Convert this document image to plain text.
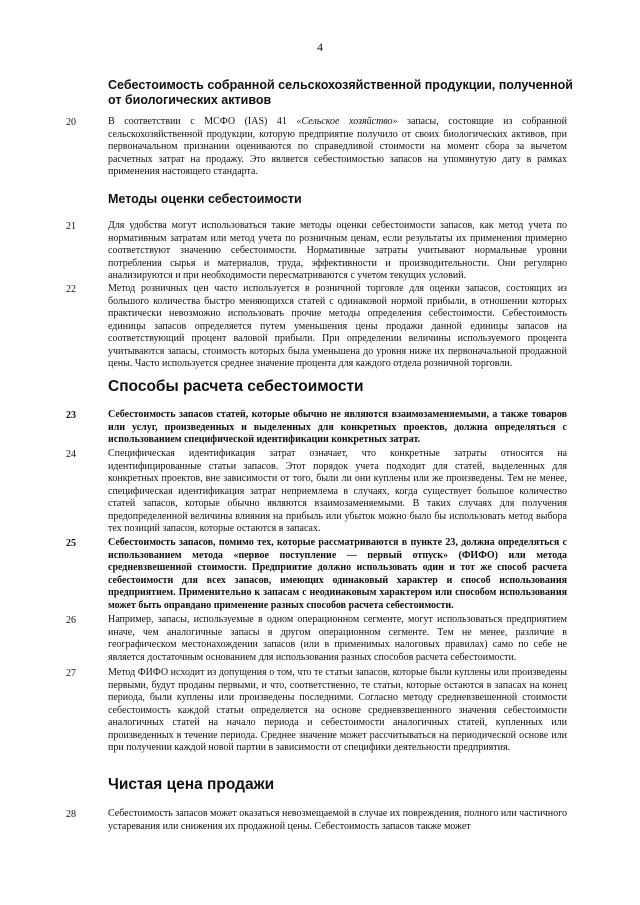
4
Себестоимость собранной сельскохозяйственной продукции, полученной от биологических активов
20	В соответствии с МСФО (IAS) 41 «Сельское хозяйство» запасы, состоящие из собранной сельскохозяйственной продукции, которую предприятие получило от своих биологических активов, при первоначальном признании оцениваются по справедливой стоимости на момент сбора за вычетом расчетных затрат на продажу. Это является себестоимостью запасов на упомянутую дату в рамках применения настоящего стандарта.
Методы оценки себестоимости
21	Для удобства могут использоваться такие методы оценки себестоимости запасов, как метод учета по нормативным затратам или метод учета по розничным ценам, если результаты их применения примерно соответствуют значению себестоимости. Нормативные затраты учитывают нормальные уровни потребления сырья и материалов, труда, эффективности и производительности. Они регулярно анализируются и при необходимости пересматриваются с учетом текущих условий.
22	Метод розничных цен часто используется в розничной торговле для оценки запасов, состоящих из большого количества быстро меняющихся статей с одинаковой нормой прибыли, в отношении которых практически невозможно использовать прочие методы определения себестоимости. Себестоимость единицы запасов определяется путем уменьшения цены продажи данной единицы запасов на соответствующий процент валовой прибыли. При определении величины используемого процента учитываются запасы, стоимость которых была уменьшена до уровня ниже их первоначальной продажной цены. Часто используется среднее значение процента для каждого отдела розничной торговли.
Способы расчета себестоимости
23	Себестоимость запасов статей, которые обычно не являются взаимозаменяемыми, а также товаров или услуг, произведенных и выделенных для конкретных проектов, должна определяться с использованием специфической идентификации конкретных затрат.
24	Специфическая идентификация затрат означает, что конкретные затраты относятся на идентифицированные статьи запасов. Этот порядок учета подходит для статей, выделенных для конкретных проектов, вне зависимости от того, были ли они куплены или же произведены. Тем не менее, специфическая идентификация затрат неприемлема в случаях, когда существует большое количество статей запасов, которые обычно являются взаимозаменяемыми. В таких случаях для получения предопределенной величины влияния на прибыль или убыток можно было бы использовать метод выбора тех позиций запасов, которые остаются в запасах.
25	Себестоимость запасов, помимо тех, которые рассматриваются в пункте 23, должна определяться с использованием метода «первое поступление — первый отпуск» (ФИФО) или метода средневзвешенной стоимости. Предприятие должно использовать один и тот же способ расчета себестоимости для всех запасов, имеющих одинаковый характер и способ использования предприятием. Применительно к запасам с неодинаковым характером или способом использования может быть оправдано применение разных способов расчета себестоимости.
26	Например, запасы, используемые в одном операционном сегменте, могут использоваться предприятием иначе, чем аналогичные запасы в другом операционном сегменте. Тем не менее, различие в географическом местонахождении запасов (или в применимых налоговых правилах) само по себе не является достаточным основанием для использования разных способов расчета себестоимости.
27	Метод ФИФО исходит из допущения о том, что те статьи запасов, которые были куплены или произведены первыми, будут проданы первыми, и что, соответственно, те статьи, которые остаются в запасах на конец периода, были куплены или произведены последними. Согласно методу средневзвешенной стоимости себестоимость каждой статьи определяется на основе средневзвешенного значения себестоимости аналогичных статей на начало периода и себестоимости аналогичных статей, купленных или произведенных в течение периода. Среднее значение может рассчитываться на периодической основе или при получении каждой новой партии в зависимости от специфики деятельности предприятия.
Чистая цена продажи
28	Себестоимость запасов может оказаться невозмещаемой в случае их повреждения, полного или частичного устаревания или снижения их продажной цены. Себестоимость запасов также может
